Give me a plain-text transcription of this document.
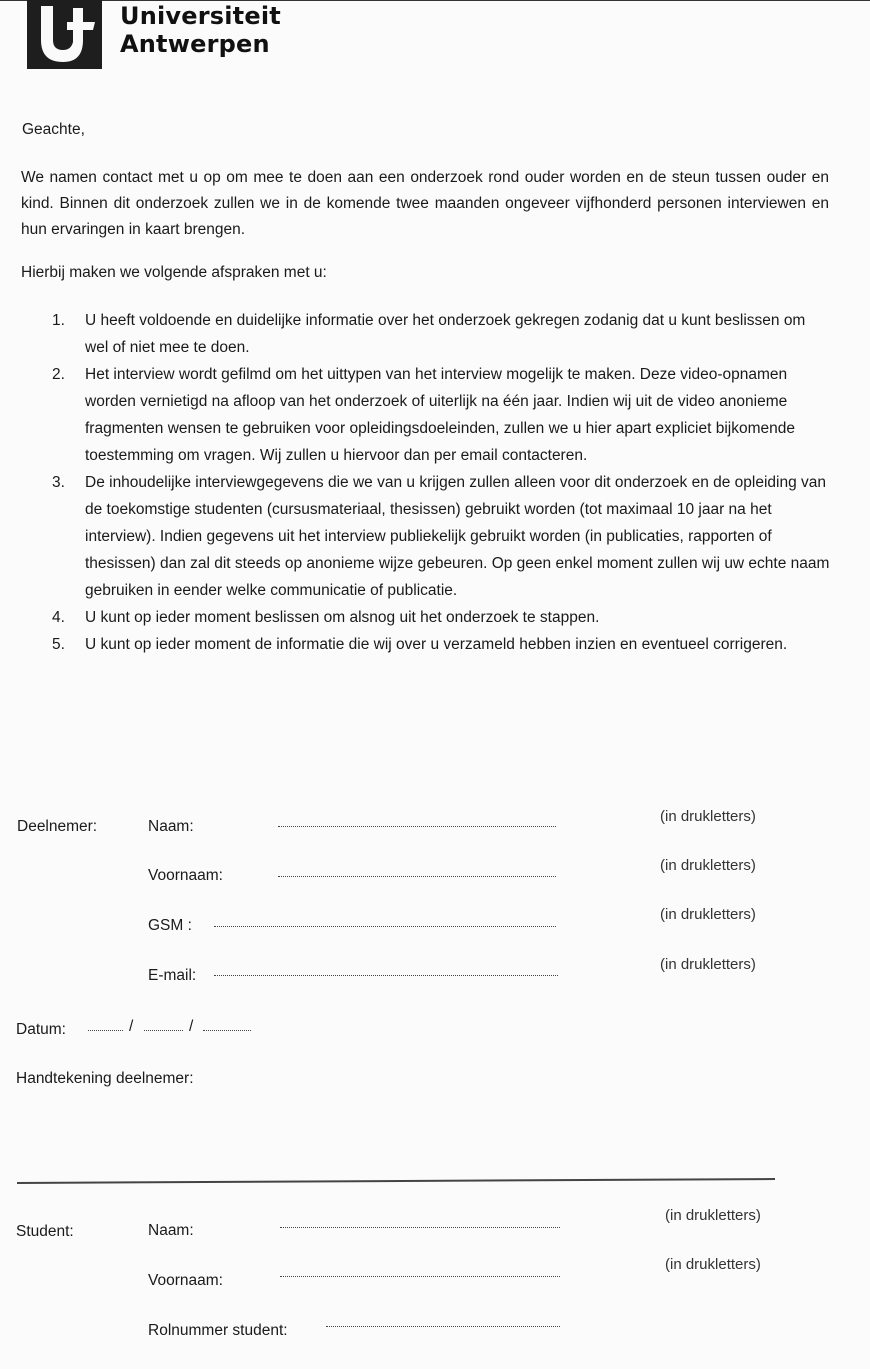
Universiteit
Antwerpen
Geachte,
We namen contact met u op om mee te doen aan een onderzoek rond ouder worden en de steun tussen ouder en kind. Binnen dit onderzoek zullen we in de komende twee maanden ongeveer vijfhonderd personen interviewen en hun ervaringen in kaart brengen.
Hierbij maken we volgende afspraken met u:
1.	U heeft voldoende en duidelijke informatie over het onderzoek gekregen zodanig dat u kunt beslissen om wel of niet mee te doen.
2.	Het interview wordt gefilmd om het uittypen van het interview mogelijk te maken. Deze video-opnamen worden vernietigd na afloop van het onderzoek of uiterlijk na één jaar. Indien wij uit de video anonieme fragmenten wensen te gebruiken voor opleidingsdoeleinden, zullen we u hier apart expliciet bijkomende toestemming om vragen. Wij zullen u hiervoor dan per email contacteren.
3.	De inhoudelijke interviewgegevens die we van u krijgen zullen alleen voor dit onderzoek en de opleiding van de toekomstige studenten (cursusmateriaal, thesissen) gebruikt worden (tot maximaal 10 jaar na het interview). Indien gegevens uit het interview publiekelijk gebruikt worden (in publicaties, rapporten of thesissen) dan zal dit steeds op anonieme wijze gebeuren. Op geen enkel moment zullen wij uw echte naam gebruiken in eender welke communicatie of publicatie.
4.	U kunt op ieder moment beslissen om alsnog uit het onderzoek te stappen.
5.	U kunt op ieder moment de informatie die wij over u verzameld hebben inzien en eventueel corrigeren.
Deelnemer:	Naam:
(in drukletters)
Voornaam:
(in drukletters)
GSM :
(in drukletters)
E-mail:
(in drukletters)
Datum:	/	/
Handtekening deelnemer:
Student:	Naam:
(in drukletters)
Voornaam:
(in drukletters)
Rolnummer student:
